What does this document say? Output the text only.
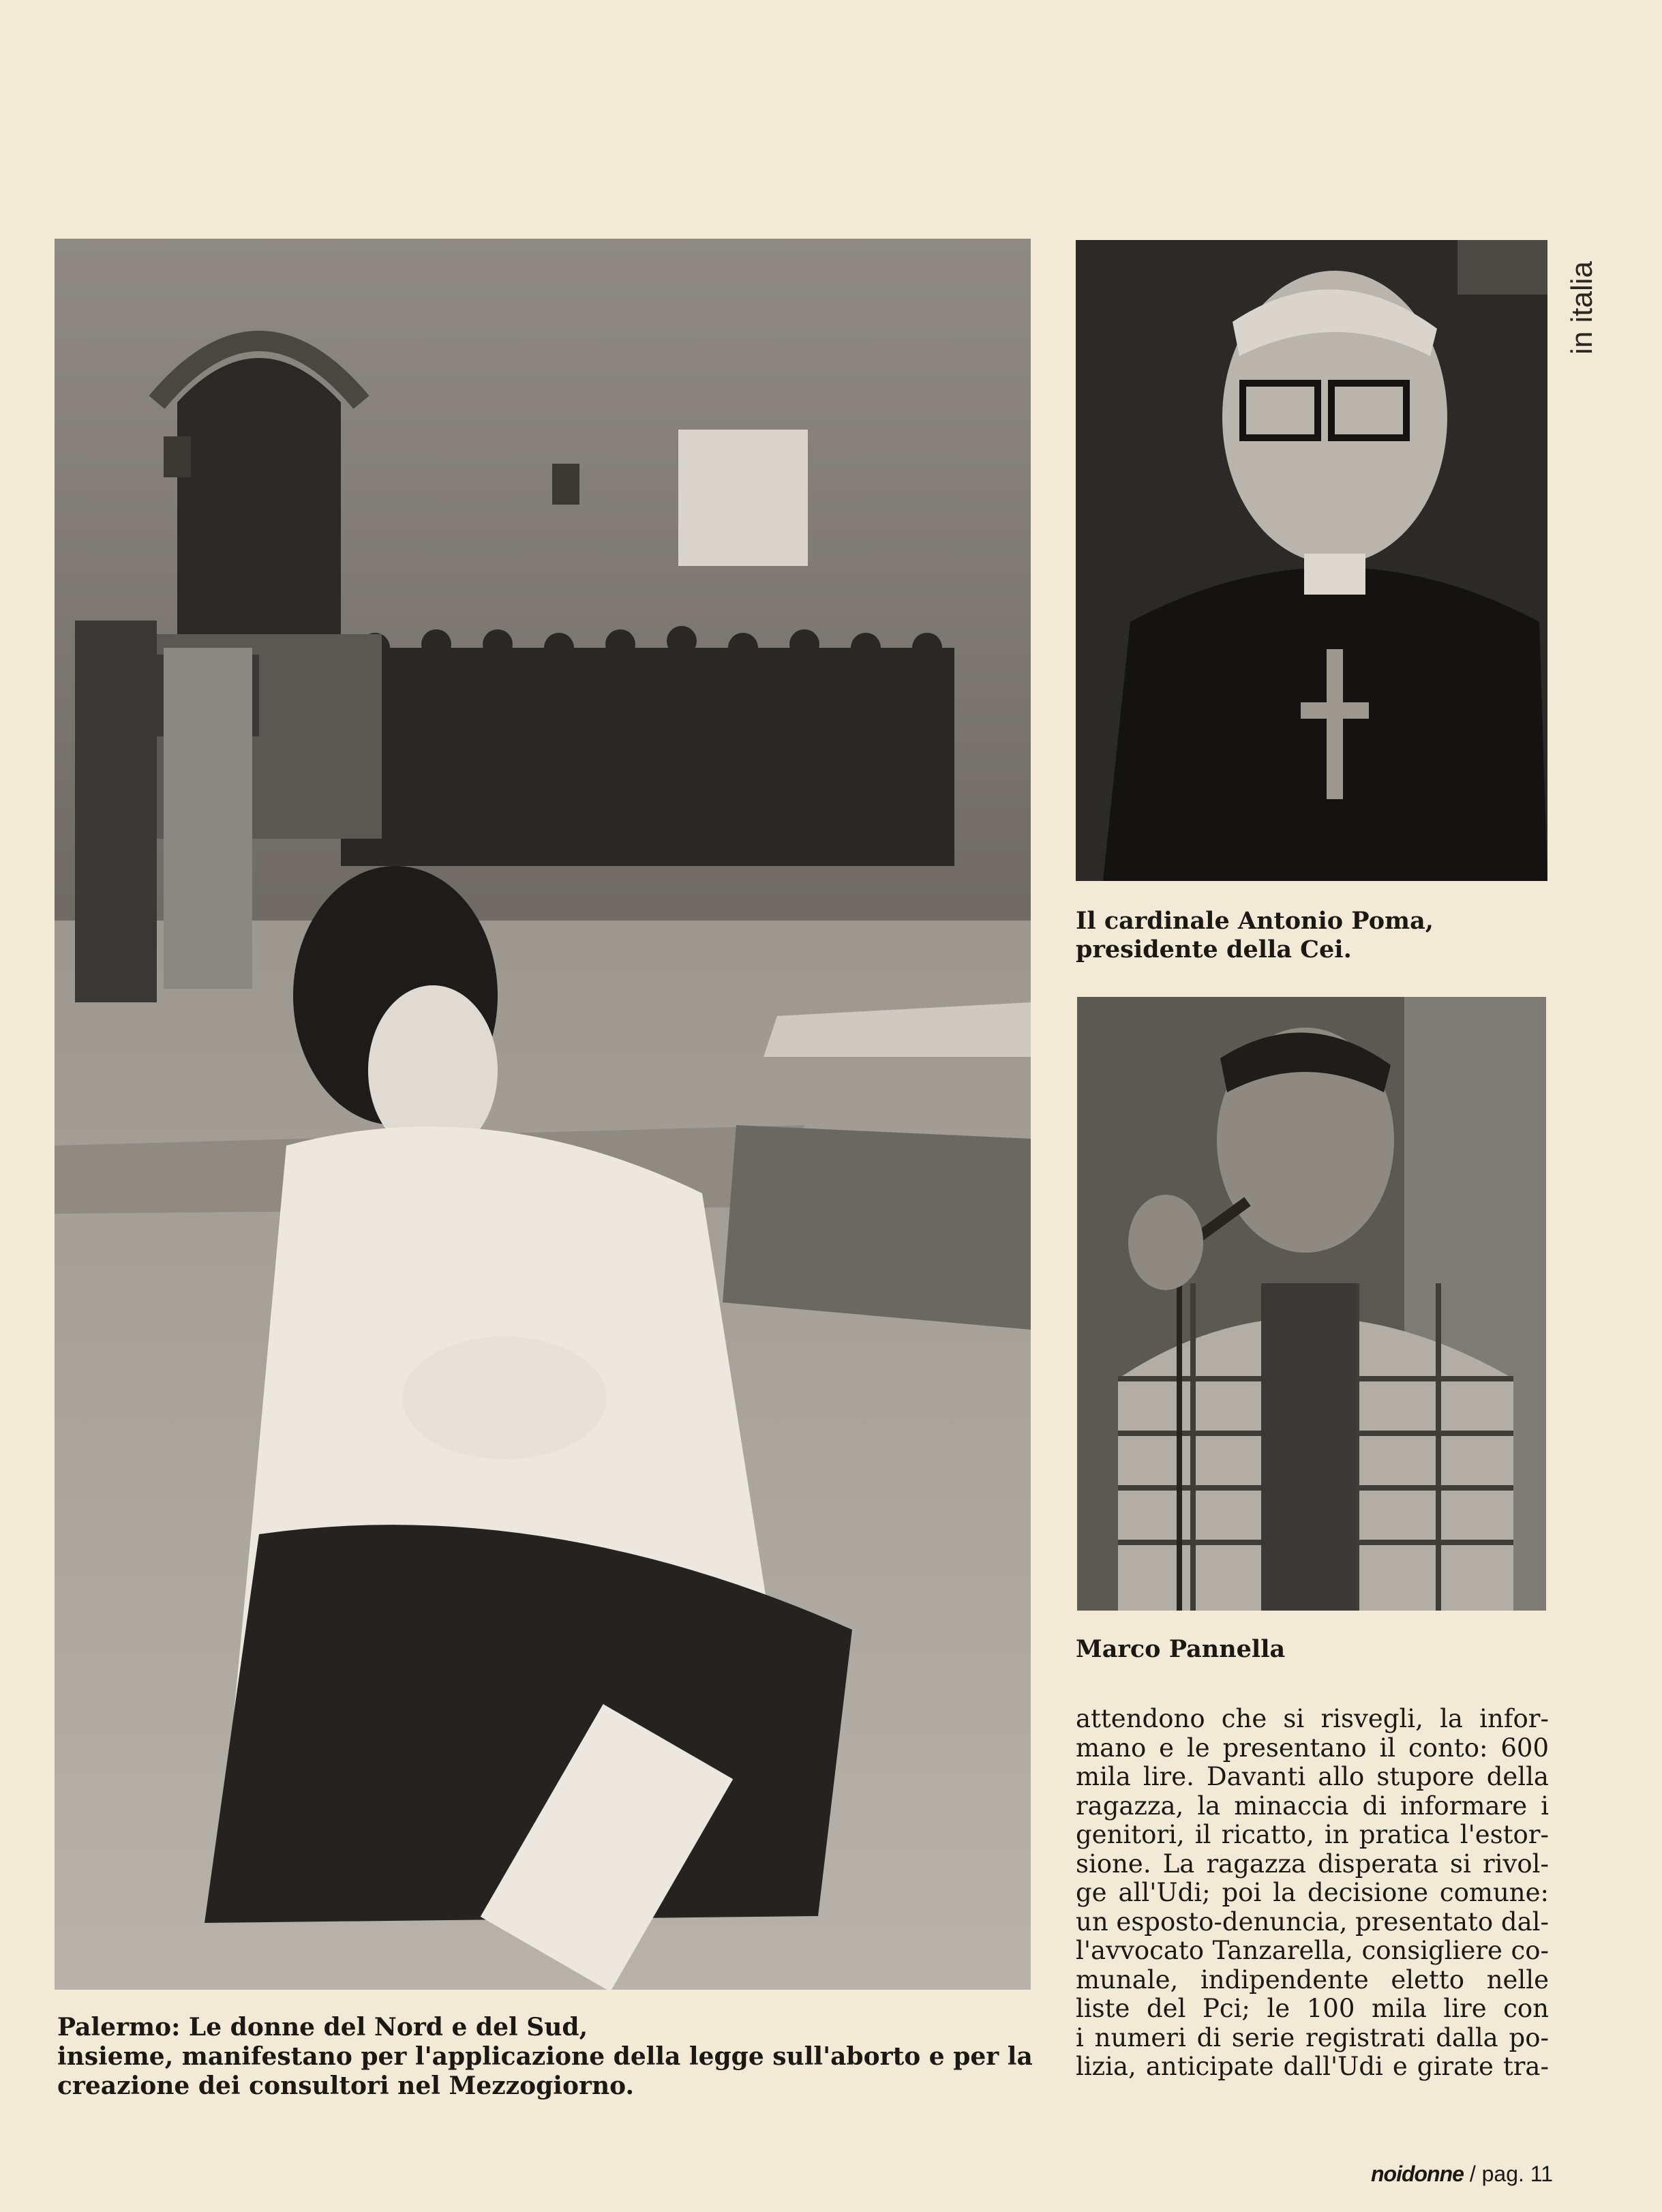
in italia
Palermo: Le donne del Nord e del Sud,
insieme, manifestano per l'applicazione della legge sull'aborto e per la
creazione dei consultori nel Mezzogiorno.
Il cardinale Antonio Poma,
presidente della Cei.
Marco Pannella
attendono che si risvegli, la infor-
mano e le presentano il conto: 600
mila lire. Davanti allo stupore della
ragazza, la minaccia di informare i
genitori, il ricatto, in pratica l'estor-
sione. La ragazza disperata si rivol-
ge all'Udi; poi la decisione comune:
un esposto-denuncia, presentato dal-
l'avvocato Tanzarella, consigliere co-
munale, indipendente eletto nelle
liste del Pci; le 100 mila lire con
i numeri di serie registrati dalla po-
lizia, anticipate dall'Udi e girate tra-
noidonne / pag. 11
